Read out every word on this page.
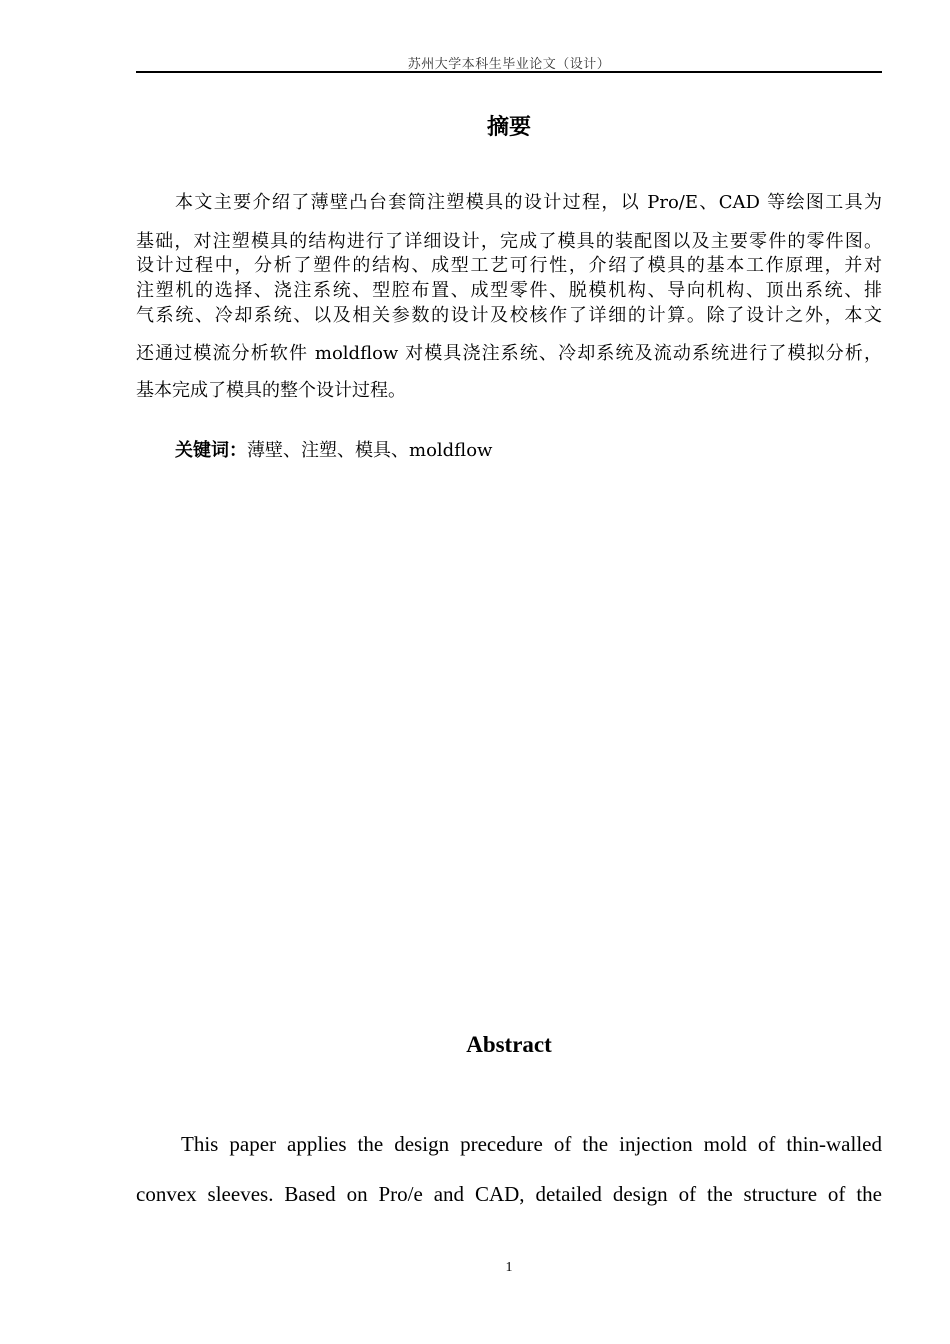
苏州大学本科生毕业论文（设计）
摘要
本文主要介绍了薄壁凸台套筒注塑模具的设计过程，以 Pro/E、CAD 等绘图工具为
基础，对注塑模具的结构进行了详细设计，完成了模具的装配图以及主要零件的零件图。
设计过程中，分析了塑件的结构、成型工艺可行性，介绍了模具的基本工作原理，并对
注塑机的选择、浇注系统、型腔布置、成型零件、脱模机构、导向机构、顶出系统、排
气系统、冷却系统、以及相关参数的设计及校核作了详细的计算。除了设计之外，本文
还通过模流分析软件 moldflow 对模具浇注系统、冷却系统及流动系统进行了模拟分析，
基本完成了模具的整个设计过程。
关键词：薄壁、注塑、模具、moldflow
Abstract
This paper applies the design precedure of the injection mold of thin-walled
convex sleeves. Based on Pro/e and CAD, detailed design of the structure of the
1
